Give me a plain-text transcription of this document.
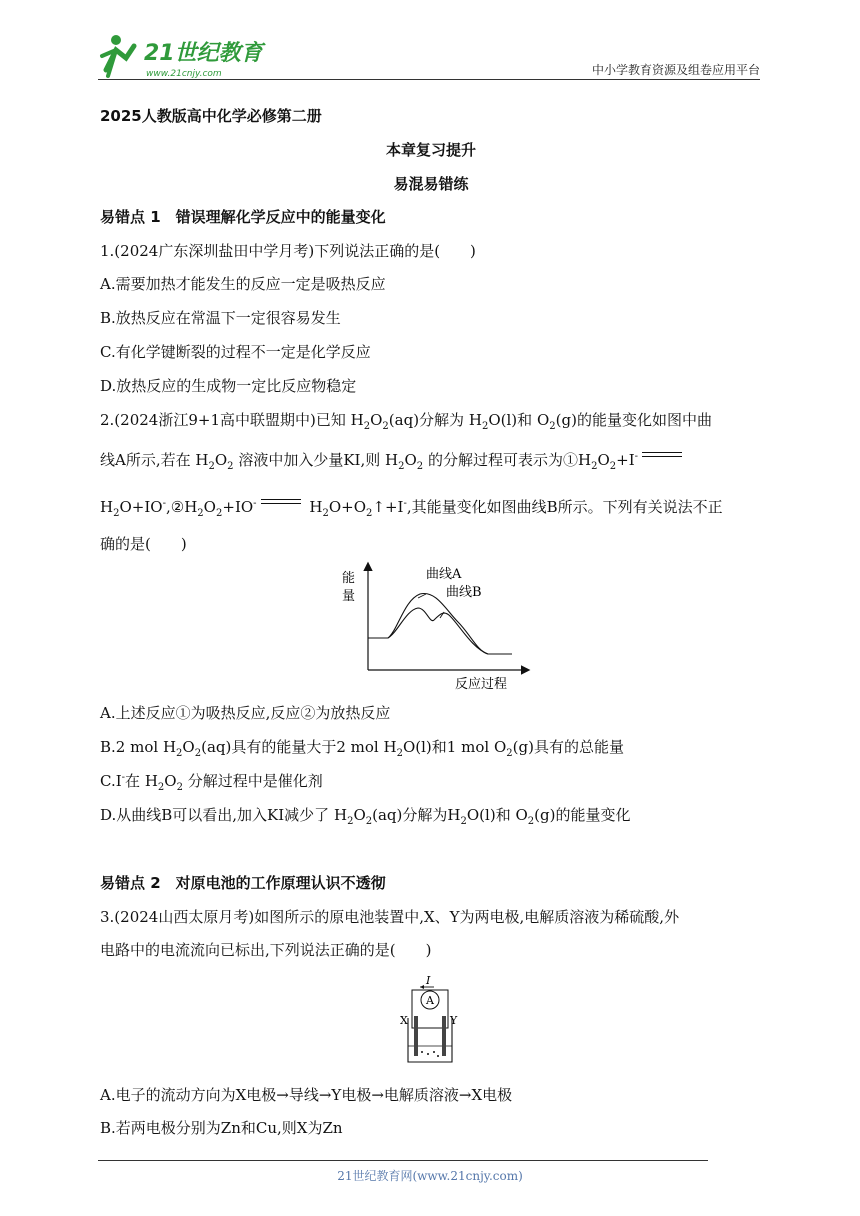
21世纪教育
www.21cnjy.com	中小学教育资源及组卷应用平台
2025人教版高中化学必修第二册
本章复习提升
易混易错练
易错点 1　错误理解化学反应中的能量变化
1.(2024广东深圳盐田中学月考)下列说法正确的是(　　)
A.需要加热才能发生的反应一定是吸热反应
B.放热反应在常温下一定很容易发生
C.有化学键断裂的过程不一定是化学反应
D.放热反应的生成物一定比反应物稳定
2.(2024浙江9+1高中联盟期中)已知 $H_2O_2(aq)$分解为 $H_2O(l)$和 $O_2(g)$的能量变化如图中曲
线A所示,若在 $H_2O_2$ 溶液中加入少量KI,则 $H_2O_2$ 的分解过程可表示为$①H_2O_2+I^-$
$H_2O+IO^-,②H_2O_2+IO^-$	$H_2O+O_2↑+I^-$,其能量变化如图曲线B所示。下列有关说法不正
确的是(　　)
能
量
反应过程
曲线A
曲线B
A.上述反应①为吸热反应,反应②为放热反应
B.2 mol $H_2O_2(aq)$具有的能量大于2 mol $H_2O(l)$和1 mol $O_2(g)$具有的总能量
C.I-在 $H_2O_2$ 分解过程中是催化剂
D.从曲线B可以看出,加入KI减少了 $H_2O_2(aq)$分解为$H_2O(l)$和 $O_2(g)$的能量变化
易错点 2　对原电池的工作原理认识不透彻
3.(2024山西太原月考)如图所示的原电池装置中,X、Y为两电极,电解质溶液为稀硫酸,外
电路中的电流流向已标出,下列说法正确的是(　　)
I
A
X	Y
A.电子的流动方向为X电极→导线→Y电极→电解质溶液→X电极
B.若两电极分别为Zn和Cu,则X为Zn
21世纪教育网(www.21cnjy.com)
